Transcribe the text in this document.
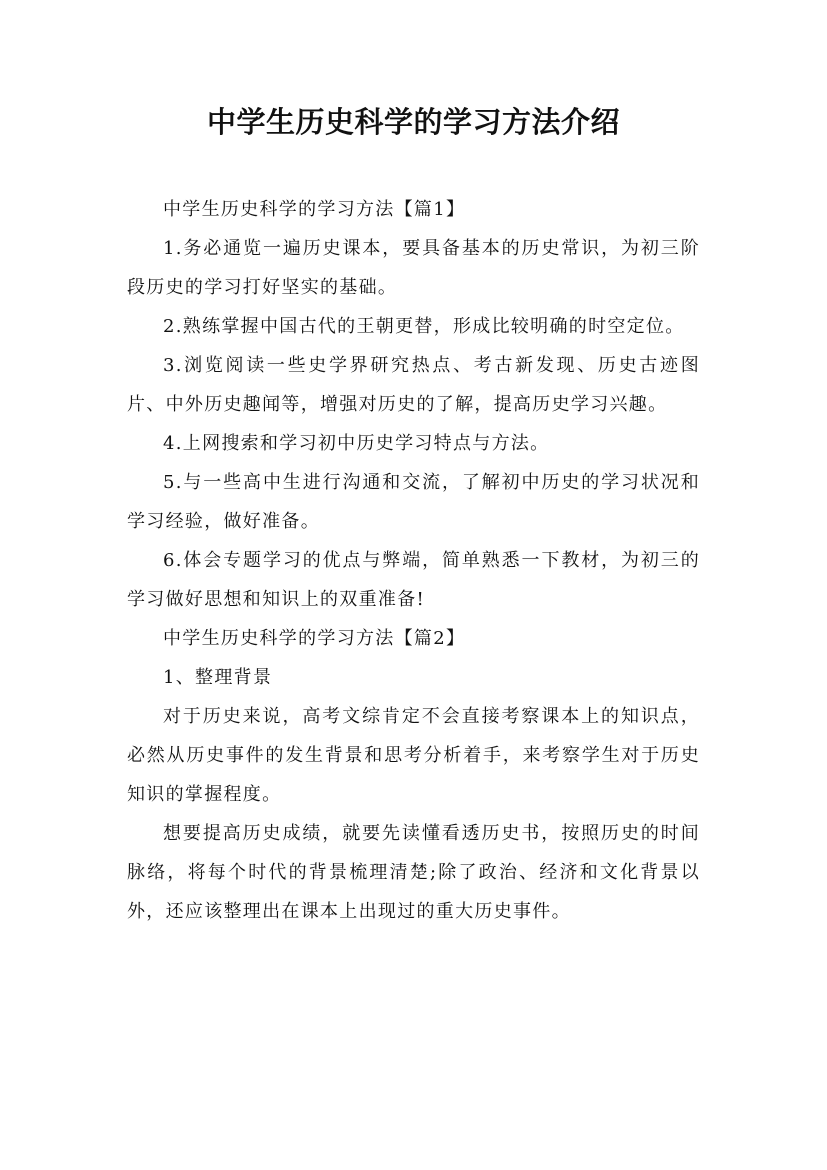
中学生历史科学的学习方法介绍

中学生历史科学的学习方法【篇1】

1.务必通览一遍历史课本，要具备基本的历史常识，为初三阶段历史的学习打好坚实的基础。

2.熟练掌握中国古代的王朝更替，形成比较明确的时空定位。

3.浏览阅读一些史学界研究热点、考古新发现、历史古迹图片、中外历史趣闻等，增强对历史的了解，提高历史学习兴趣。

4.上网搜索和学习初中历史学习特点与方法。

5.与一些高中生进行沟通和交流，了解初中历史的学习状况和学习经验，做好准备。

6.体会专题学习的优点与弊端，简单熟悉一下教材，为初三的学习做好思想和知识上的双重准备!

中学生历史科学的学习方法【篇2】

1、整理背景

对于历史来说，高考文综肯定不会直接考察课本上的知识点，必然从历史事件的发生背景和思考分析着手，来考察学生对于历史知识的掌握程度。

想要提高历史成绩，就要先读懂看透历史书，按照历史的时间脉络，将每个时代的背景梳理清楚;除了政治、经济和文化背景以外，还应该整理出在课本上出现过的重大历史事件。
